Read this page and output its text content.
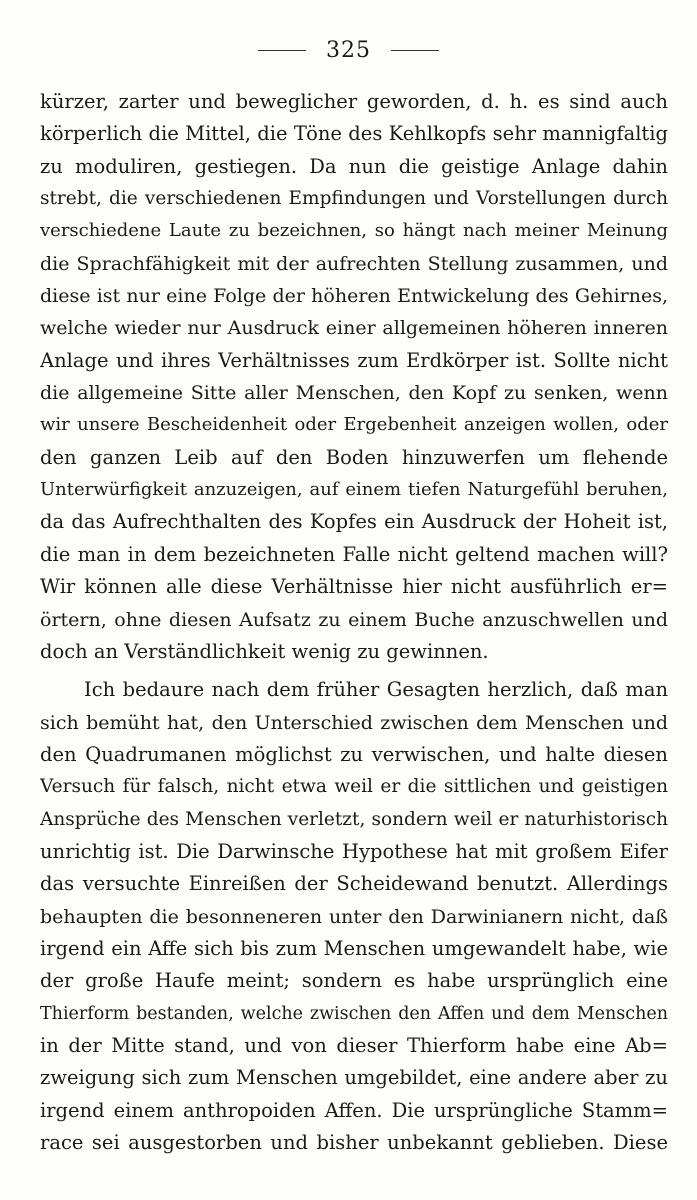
325
kürzer, zarter und beweglicher geworden, d. h. es sind auch
körperlich die Mittel, die Töne des Kehlkopfs sehr mannigfaltig
zu moduliren, gestiegen. Da nun die geistige Anlage dahin
strebt, die verschiedenen Empfindungen und Vorstellungen durch
verschiedene Laute zu bezeichnen, so hängt nach meiner Meinung
die Sprachfähigkeit mit der aufrechten Stellung zusammen, und
diese ist nur eine Folge der höheren Entwickelung des Gehirnes,
welche wieder nur Ausdruck einer allgemeinen höheren inneren
Anlage und ihres Verhältnisses zum Erdkörper ist. Sollte nicht
die allgemeine Sitte aller Menschen, den Kopf zu senken, wenn
wir unsere Bescheidenheit oder Ergebenheit anzeigen wollen, oder
den ganzen Leib auf den Boden hinzuwerfen um flehende
Unterwürfigkeit anzuzeigen, auf einem tiefen Naturgefühl beruhen,
da das Aufrechthalten des Kopfes ein Ausdruck der Hoheit ist,
die man in dem bezeichneten Falle nicht geltend machen will?
Wir können alle diese Verhältnisse hier nicht ausführlich er=
örtern, ohne diesen Aufsatz zu einem Buche anzuschwellen und
doch an Verständlichkeit wenig zu gewinnen.
Ich bedaure nach dem früher Gesagten herzlich, daß man
sich bemüht hat, den Unterschied zwischen dem Menschen und
den Quadrumanen möglichst zu verwischen, und halte diesen
Versuch für falsch, nicht etwa weil er die sittlichen und geistigen
Ansprüche des Menschen verletzt, sondern weil er naturhistorisch
unrichtig ist. Die Darwinsche Hypothese hat mit großem Eifer
das versuchte Einreißen der Scheidewand benutzt. Allerdings
behaupten die besonneneren unter den Darwinianern nicht, daß
irgend ein Affe sich bis zum Menschen umgewandelt habe, wie
der große Haufe meint; sondern es habe ursprünglich eine
Thierform bestanden, welche zwischen den Affen und dem Menschen
in der Mitte stand, und von dieser Thierform habe eine Ab=
zweigung sich zum Menschen umgebildet, eine andere aber zu
irgend einem anthropoiden Affen. Die ursprüngliche Stamm=
race sei ausgestorben und bisher unbekannt geblieben. Diese
